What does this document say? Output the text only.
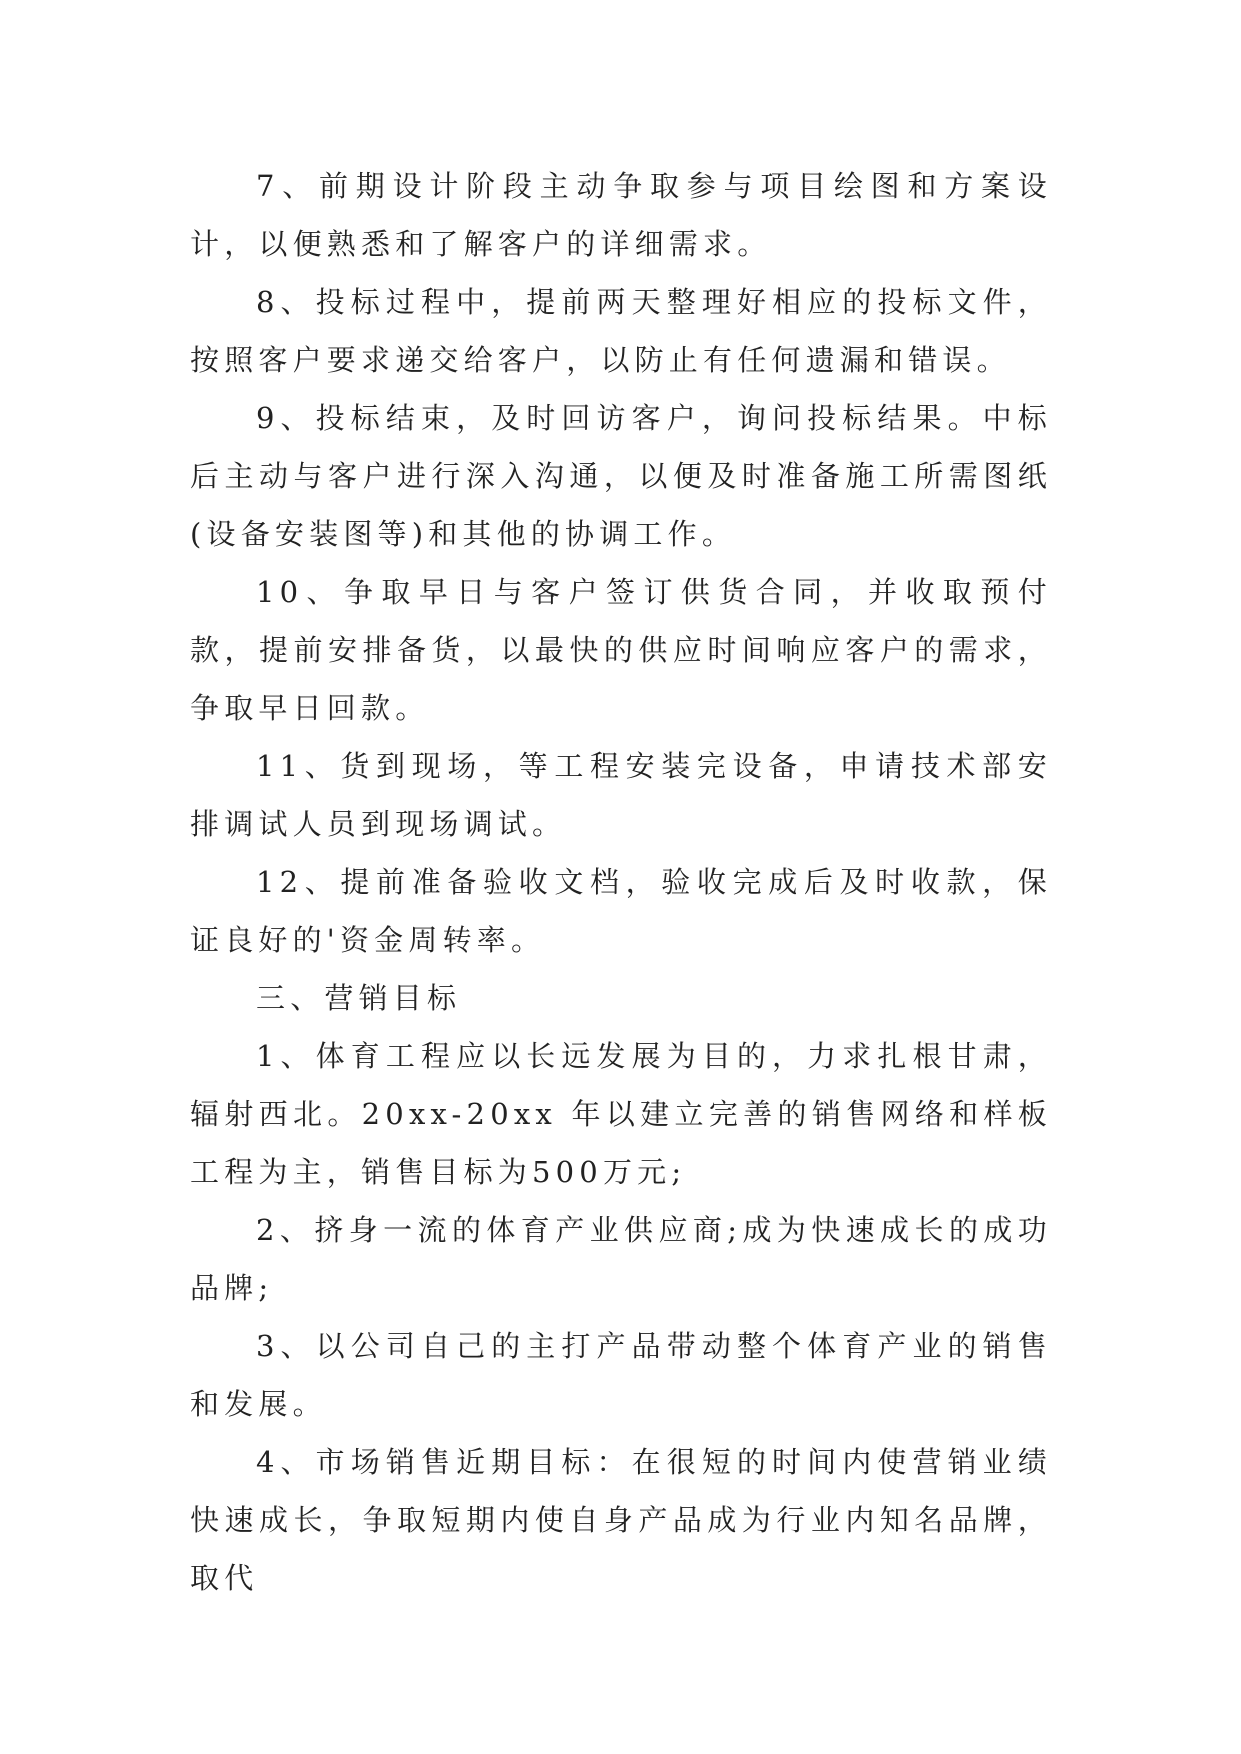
7、前期设计阶段主动争取参与项目绘图和方案设计，以便熟悉和了解客户的详细需求。

8、投标过程中，提前两天整理好相应的投标文件，按照客户要求递交给客户，以防止有任何遗漏和错误。

9、投标结束，及时回访客户，询问投标结果。中标后主动与客户进行深入沟通，以便及时准备施工所需图纸(设备安装图等)和其他的协调工作。

10、争取早日与客户签订供货合同，并收取预付款，提前安排备货，以最快的供应时间响应客户的需求，争取早日回款。

11、货到现场，等工程安装完设备，申请技术部安排调试人员到现场调试。

12、提前准备验收文档，验收完成后及时收款，保证良好的'资金周转率。

三、营销目标

1、体育工程应以长远发展为目的，力求扎根甘肃，辐射西北。20xx-20xx 年以建立完善的销售网络和样板工程为主，销售目标为500万元;

2、挤身一流的体育产业供应商;成为快速成长的成功品牌;

3、以公司自己的主打产品带动整个体育产业的销售和发展。

4、市场销售近期目标：在很短的时间内使营销业绩快速成长，争取短期内使自身产品成为行业内知名品牌，取代
